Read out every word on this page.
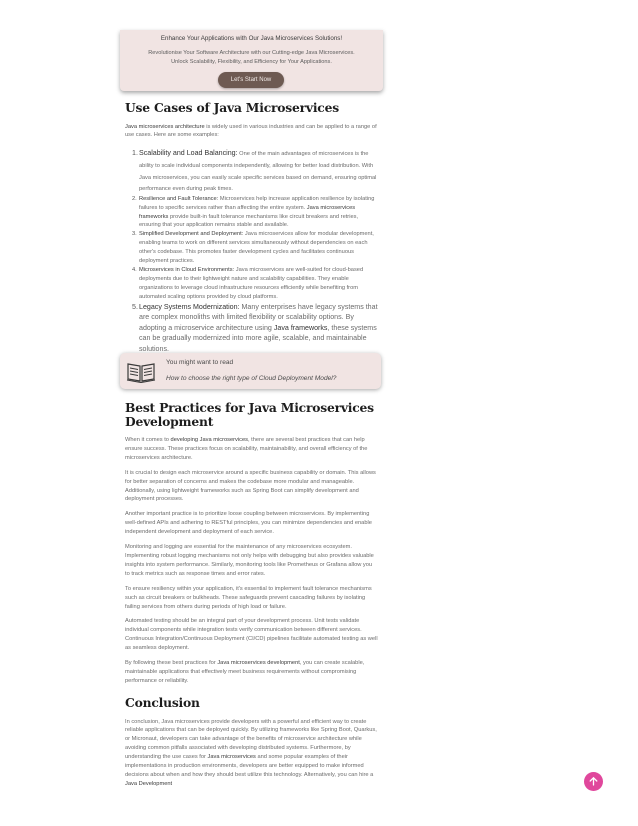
Enhance Your Applications with Our Java Microservices Solutions!
Revolutionise Your Software Architecture with our Cutting-edge Java Microservices.
Unlock Scalability, Flexibility, and Efficiency for Your Applications.
Let's Start Now
Use Cases of Java Microservices

Java microservices architecture is widely used in various industries and can be applied to a range of use cases. Here are some examples:

1. Scalability and Load Balancing: One of the main advantages of microservices is the ability to scale individual components independently, allowing for better load distribution. With Java microservices, you can easily scale specific services based on demand, ensuring optimal performance even during peak times.
2. Resilience and Fault Tolerance: Microservices help increase application resilience by isolating failures to specific services rather than affecting the entire system. Java microservices frameworks provide built-in fault tolerance mechanisms like circuit breakers and retries, ensuring that your application remains stable and available.
3. Simplified Development and Deployment: Java microservices allow for modular development, enabling teams to work on different services simultaneously without dependencies on each other's codebase. This promotes faster development cycles and facilitates continuous deployment practices.
4. Microservices in Cloud Environments: Java microservices are well-suited for cloud-based deployments due to their lightweight nature and scalability capabilities. They enable organizations to leverage cloud infrastructure resources efficiently while benefiting from automated scaling options provided by cloud platforms.
5. Legacy Systems Modernization: Many enterprises have legacy systems that are complex monoliths with limited flexibility or scalability options. By adopting a microservice architecture using Java frameworks, these systems can be gradually modernized into more agile, scalable, and maintainable solutions.
You might want to read
How to choose the right type of Cloud Deployment Model?
Best Practices for Java Microservices Development

When it comes to developing Java microservices, there are several best practices that can help ensure success. These practices focus on scalability, maintainability, and overall efficiency of the microservices architecture.

It is crucial to design each microservice around a specific business capability or domain. This allows for better separation of concerns and makes the codebase more modular and manageable. Additionally, using lightweight frameworks such as Spring Boot can simplify development and deployment processes.

Another important practice is to prioritize loose coupling between microservices. By implementing well-defined APIs and adhering to RESTful principles, you can minimize dependencies and enable independent development and deployment of each service.

Monitoring and logging are essential for the maintenance of any microservices ecosystem. Implementing robust logging mechanisms not only helps with debugging but also provides valuable insights into system performance. Similarly, monitoring tools like Prometheus or Grafana allow you to track metrics such as response times and error rates.

To ensure resiliency within your application, it's essential to implement fault tolerance mechanisms such as circuit breakers or bulkheads. These safeguards prevent cascading failures by isolating failing services from others during periods of high load or failure.

Automated testing should be an integral part of your development process. Unit tests validate individual components while integration tests verify communication between different services. Continuous Integration/Continuous Deployment (CI/CD) pipelines facilitate automated testing as well as seamless deployment.

By following these best practices for Java microservices development, you can create scalable, maintainable applications that effectively meet business requirements without compromising performance or reliability.

Conclusion

In conclusion, Java microservices provide developers with a powerful and efficient way to create reliable applications that can be deployed quickly. By utilizing frameworks like Spring Boot, Quarkus, or Micronaut, developers can take advantage of the benefits of microservice architecture while avoiding common pitfalls associated with developing distributed systems. Furthermore, by understanding the use cases for Java microservices and some popular examples of their implementations in production environments, developers are better equipped to make informed decisions about when and how they should best utilize this technology. Alternatively, you can hire a Java Development
